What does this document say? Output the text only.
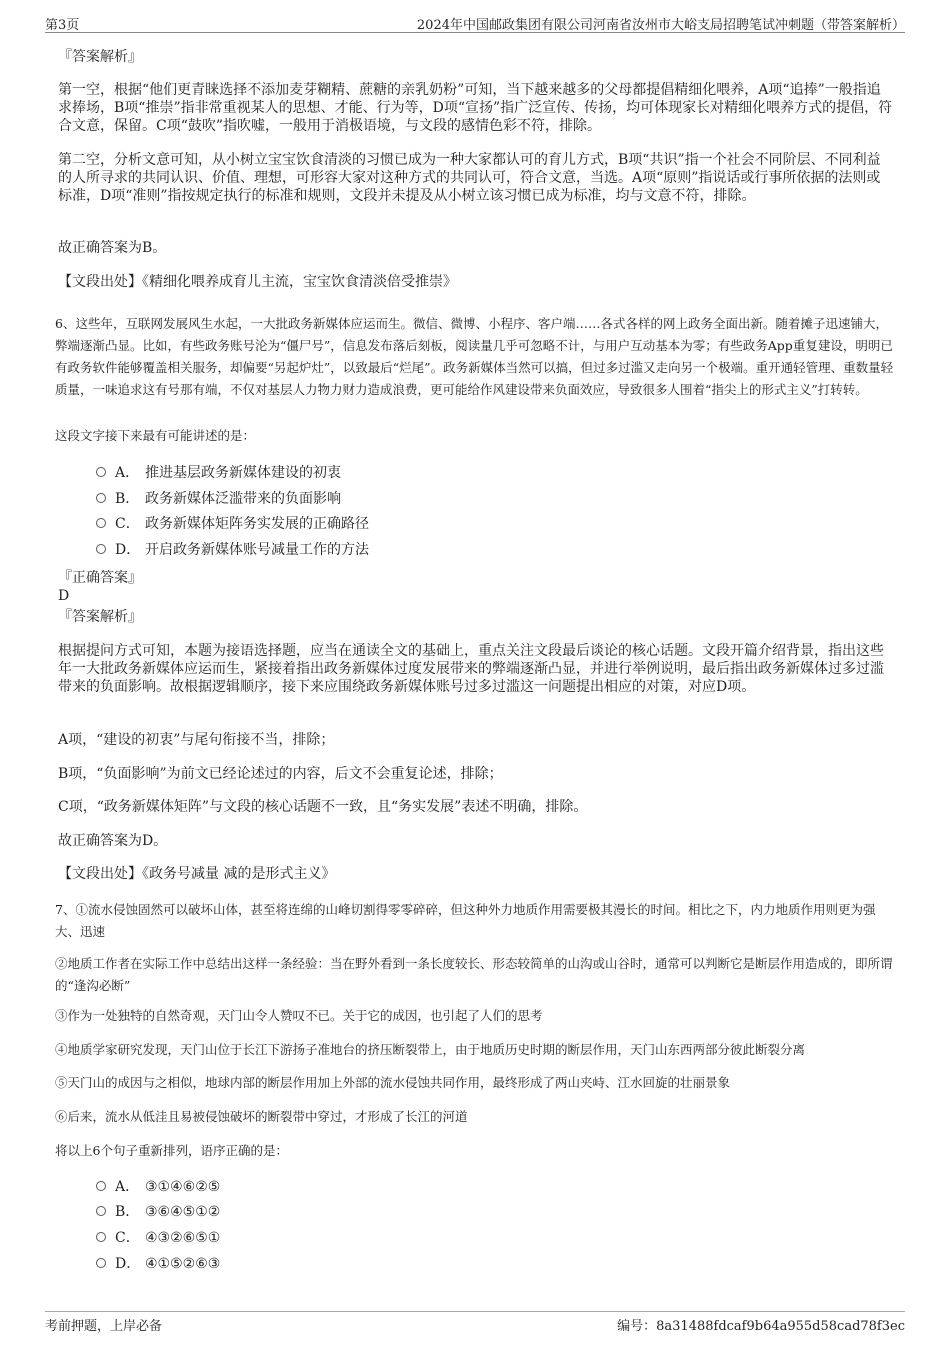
第3页	2024年中国邮政集团有限公司河南省汝州市大峪支局招聘笔试冲刺题（带答案解析）
『答案解析』
第一空，根据“他们更青睐选择不添加麦芽糊精、蔗糖的亲乳奶粉”可知，当下越来越多的父母都提倡精细化喂养，A项“追捧”一般指追求捧场，B项“推崇”指非常重视某人的思想、才能、行为等，D项“宣扬”指广泛宣传、传扬，均可体现家长对精细化喂养方式的提倡，符合文意，保留。C项“鼓吹”指吹嘘，一般用于消极语境，与文段的感情色彩不符，排除。
第二空，分析文意可知，从小树立宝宝饮食清淡的习惯已成为一种大家都认可的育儿方式，B项“共识”指一个社会不同阶层、不同利益的人所寻求的共同认识、价值、理想，可形容大家对这种方式的共同认可，符合文意，当选。A项“原则”指说话或行事所依据的法则或标准，D项“准则”指按规定执行的标准和规则，文段并未提及从小树立该习惯已成为标准，均与文意不符，排除。
故正确答案为B。
【文段出处】《精细化喂养成育儿主流，宝宝饮食清淡倍受推崇》
6、这些年，互联网发展风生水起，一大批政务新媒体应运而生。微信、微博、小程序、客户端……各式各样的网上政务全面出新。随着摊子迅速铺大，弊端逐渐凸显。比如，有些政务账号沦为“僵尸号”，信息发布落后刻板，阅读量几乎可忽略不计，与用户互动基本为零；有些政务App重复建设，明明已有政务软件能够覆盖相关服务，却偏要“另起炉灶”，以致最后“烂尾”。政务新媒体当然可以搞，但过多过滥又走向另一个极端。重开通轻管理、重数量轻质量，一味追求这有号那有端，不仅对基层人力物力财力造成浪费，更可能给作风建设带来负面效应，导致很多人围着“指尖上的形式主义”打转转。
这段文字接下来最有可能讲述的是：
A． 推进基层政务新媒体建设的初衷
B． 政务新媒体泛滥带来的负面影响
C． 政务新媒体矩阵务实发展的正确路径
D． 开启政务新媒体账号减量工作的方法
『正确答案』
D
『答案解析』
根据提问方式可知，本题为接语选择题，应当在通读全文的基础上，重点关注文段最后谈论的核心话题。文段开篇介绍背景，指出这些年一大批政务新媒体应运而生，紧接着指出政务新媒体过度发展带来的弊端逐渐凸显，并进行举例说明，最后指出政务新媒体过多过滥带来的负面影响。故根据逻辑顺序，接下来应围绕政务新媒体账号过多过滥这一问题提出相应的对策，对应D项。
A项，“建设的初衷”与尾句衔接不当，排除；
B项，“负面影响”为前文已经论述过的内容，后文不会重复论述，排除；
C项，“政务新媒体矩阵”与文段的核心话题不一致，且“务实发展”表述不明确，排除。
故正确答案为D。
【文段出处】《政务号减量 减的是形式主义》
7、①流水侵蚀固然可以破坏山体，甚至将连绵的山峰切割得零零碎碎，但这种外力地质作用需要极其漫长的时间。相比之下，内力地质作用则更为强大、迅速
②地质工作者在实际工作中总结出这样一条经验：当在野外看到一条长度较长、形态较简单的山沟或山谷时，通常可以判断它是断层作用造成的，即所谓的“逢沟必断”
③作为一处独特的自然奇观，天门山令人赞叹不已。关于它的成因，也引起了人们的思考
④地质学家研究发现，天门山位于长江下游扬子准地台的挤压断裂带上，由于地质历史时期的断层作用，天门山东西两部分彼此断裂分离
⑤天门山的成因与之相似，地球内部的断层作用加上外部的流水侵蚀共同作用，最终形成了两山夹峙、江水回旋的壮丽景象
⑥后来，流水从低洼且易被侵蚀破坏的断裂带中穿过，才形成了长江的河道
将以上6个句子重新排列，语序正确的是：
A． ③①④⑥②⑤
B． ③⑥④⑤①②
C． ④③②⑥⑤①
D． ④①⑤②⑥③
考前押题，上岸必备	编号：8a31488fdcaf9b64a955d58cad78f3ec
